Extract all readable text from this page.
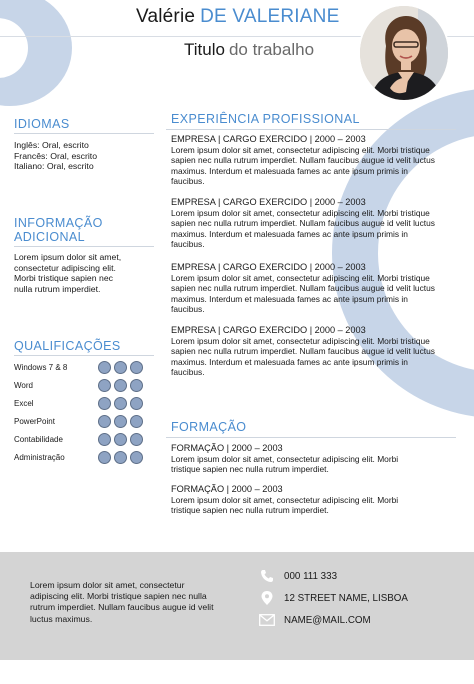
Valérie DE VALERIANE
Titulo do trabalho
IDIOMAS
Inglês: Oral, escrito
Francês: Oral, escrito
Italiano: Oral, escrito
INFORMAÇÃO
ADICIONAL
Lorem ipsum dolor sit amet,
consectetur adipiscing elit.
Morbi tristique sapien nec
nulla rutrum imperdiet.
QUALIFICAÇÕES
Windows 7 & 8
Word
Excel
PowerPoint
Contabilidade
Administração
EXPERIÊNCIA PROFISSIONAL
EMPRESA | CARGO EXERCIDO | 2000 – 2003
Lorem ipsum dolor sit amet, consectetur adipiscing elit. Morbi tristique
sapien nec nulla rutrum imperdiet. Nullam faucibus augue id velit luctus
maximus. Interdum et malesuada fames ac ante ipsum primis in
faucibus.
EMPRESA | CARGO EXERCIDO | 2000 – 2003
Lorem ipsum dolor sit amet, consectetur adipiscing elit. Morbi tristique
sapien nec nulla rutrum imperdiet. Nullam faucibus augue id velit luctus
maximus. Interdum et malesuada fames ac ante ipsum primis in
faucibus.
EMPRESA | CARGO EXERCIDO | 2000 – 2003
Lorem ipsum dolor sit amet, consectetur adipiscing elit. Morbi tristique
sapien nec nulla rutrum imperdiet. Nullam faucibus augue id velit luctus
maximus. Interdum et malesuada fames ac ante ipsum primis in
faucibus.
EMPRESA | CARGO EXERCIDO | 2000 – 2003
Lorem ipsum dolor sit amet, consectetur adipiscing elit. Morbi tristique
sapien nec nulla rutrum imperdiet. Nullam faucibus augue id velit luctus
maximus. Interdum et malesuada fames ac ante ipsum primis in
faucibus.
FORMAÇÃO
FORMAÇÃO | 2000 – 2003
Lorem ipsum dolor sit amet, consectetur adipiscing elit. Morbi
tristique sapien nec nulla rutrum imperdiet.
FORMAÇÃO | 2000 – 2003
Lorem ipsum dolor sit amet, consectetur adipiscing elit. Morbi
tristique sapien nec nulla rutrum imperdiet.
Lorem ipsum dolor sit amet, consectetur
adipiscing elit. Morbi tristique sapien nec nulla
rutrum imperdiet. Nullam faucibus augue id velit
luctus maximus.
000 111 333
12 STREET NAME, LISBOA
NAME@MAIL.COM
